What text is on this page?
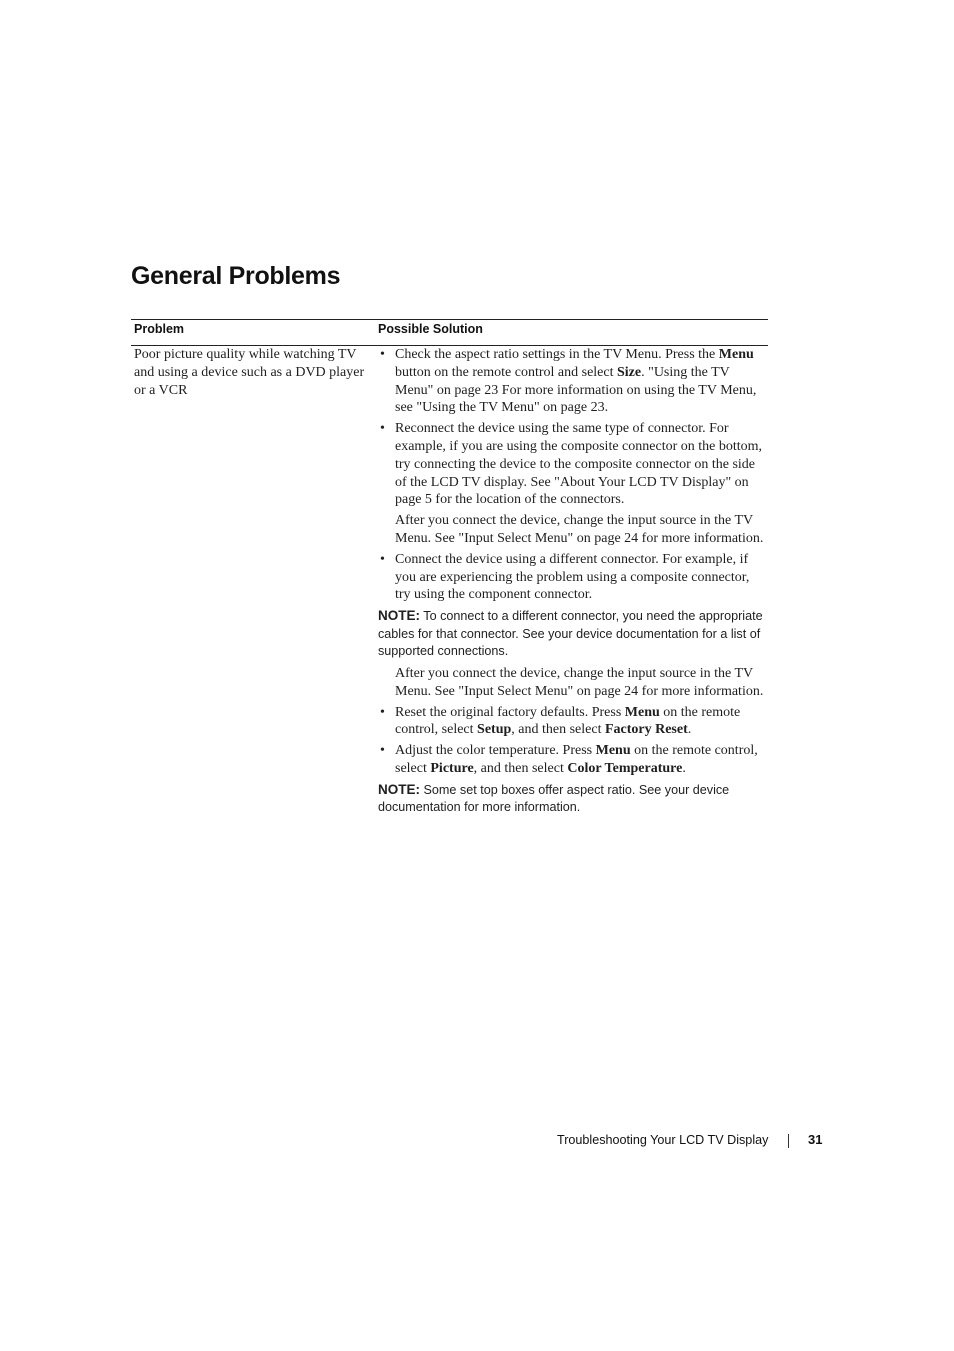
General Problems
Problem	Possible Solution
Poor picture quality while watching TV and using a device such as a DVD player or a VCR
• Check the aspect ratio settings in the TV Menu. Press the Menu button on the remote control and select Size. "Using the TV Menu" on page 23 For more information on using the TV Menu, see "Using the TV Menu" on page 23.
• Reconnect the device using the same type of connector. For example, if you are using the composite connector on the bottom, try connecting the device to the composite connector on the side of the LCD TV display. See "About Your LCD TV Display" on page 5 for the location of the connectors.
After you connect the device, change the input source in the TV Menu. See "Input Select Menu" on page 24 for more information.
• Connect the device using a different connector. For example, if you are experiencing the problem using a composite connector, try using the component connector.
NOTE: To connect to a different connector, you need the appropriate cables for that connector. See your device documentation for a list of supported connections.
After you connect the device, change the input source in the TV Menu. See "Input Select Menu" on page 24 for more information.
• Reset the original factory defaults. Press Menu on the remote control, select Setup, and then select Factory Reset.
• Adjust the color temperature. Press Menu on the remote control, select Picture, and then select Color Temperature.
NOTE: Some set top boxes offer aspect ratio. See your device documentation for more information.
Troubleshooting Your LCD TV Display	31
